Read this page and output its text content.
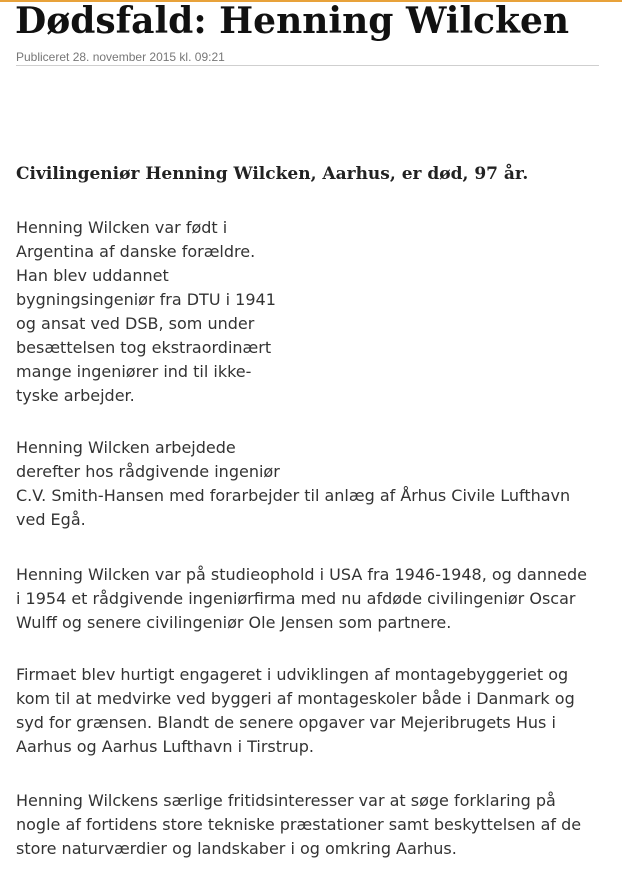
Dødsfald: Henning Wilcken
Publiceret 28. november 2015 kl. 09:21

Civilingeniør Henning Wilcken, Aarhus, er død, 97 år.

Henning Wilcken var født i
Argentina af danske forældre.
Han blev uddannet
bygningsingeniør fra DTU i 1941
og ansat ved DSB, som under
besættelsen tog ekstraordinært
mange ingeniører ind til ikke-
tyske arbejder.

Henning Wilcken arbejdede
derefter hos rådgivende ingeniør
C.V. Smith-Hansen med forarbejder til anlæg af Århus Civile Lufthavn
ved Egå.

Henning Wilcken var på studieophold i USA fra 1946-1948, og dannede
i 1954 et rådgivende ingeniørfirma med nu afdøde civilingeniør Oscar
Wulff og senere civilingeniør Ole Jensen som partnere.

Firmaet blev hurtigt engageret i udviklingen af montagebyggeriet og
kom til at medvirke ved byggeri af montageskoler både i Danmark og
syd for grænsen. Blandt de senere opgaver var Mejeribrugets Hus i
Aarhus og Aarhus Lufthavn i Tirstrup.

Henning Wilckens særlige fritidsinteresser var at søge forklaring på
nogle af fortidens store tekniske præstationer samt beskyttelsen af de
store naturværdier og landskaber i og omkring Aarhus.
